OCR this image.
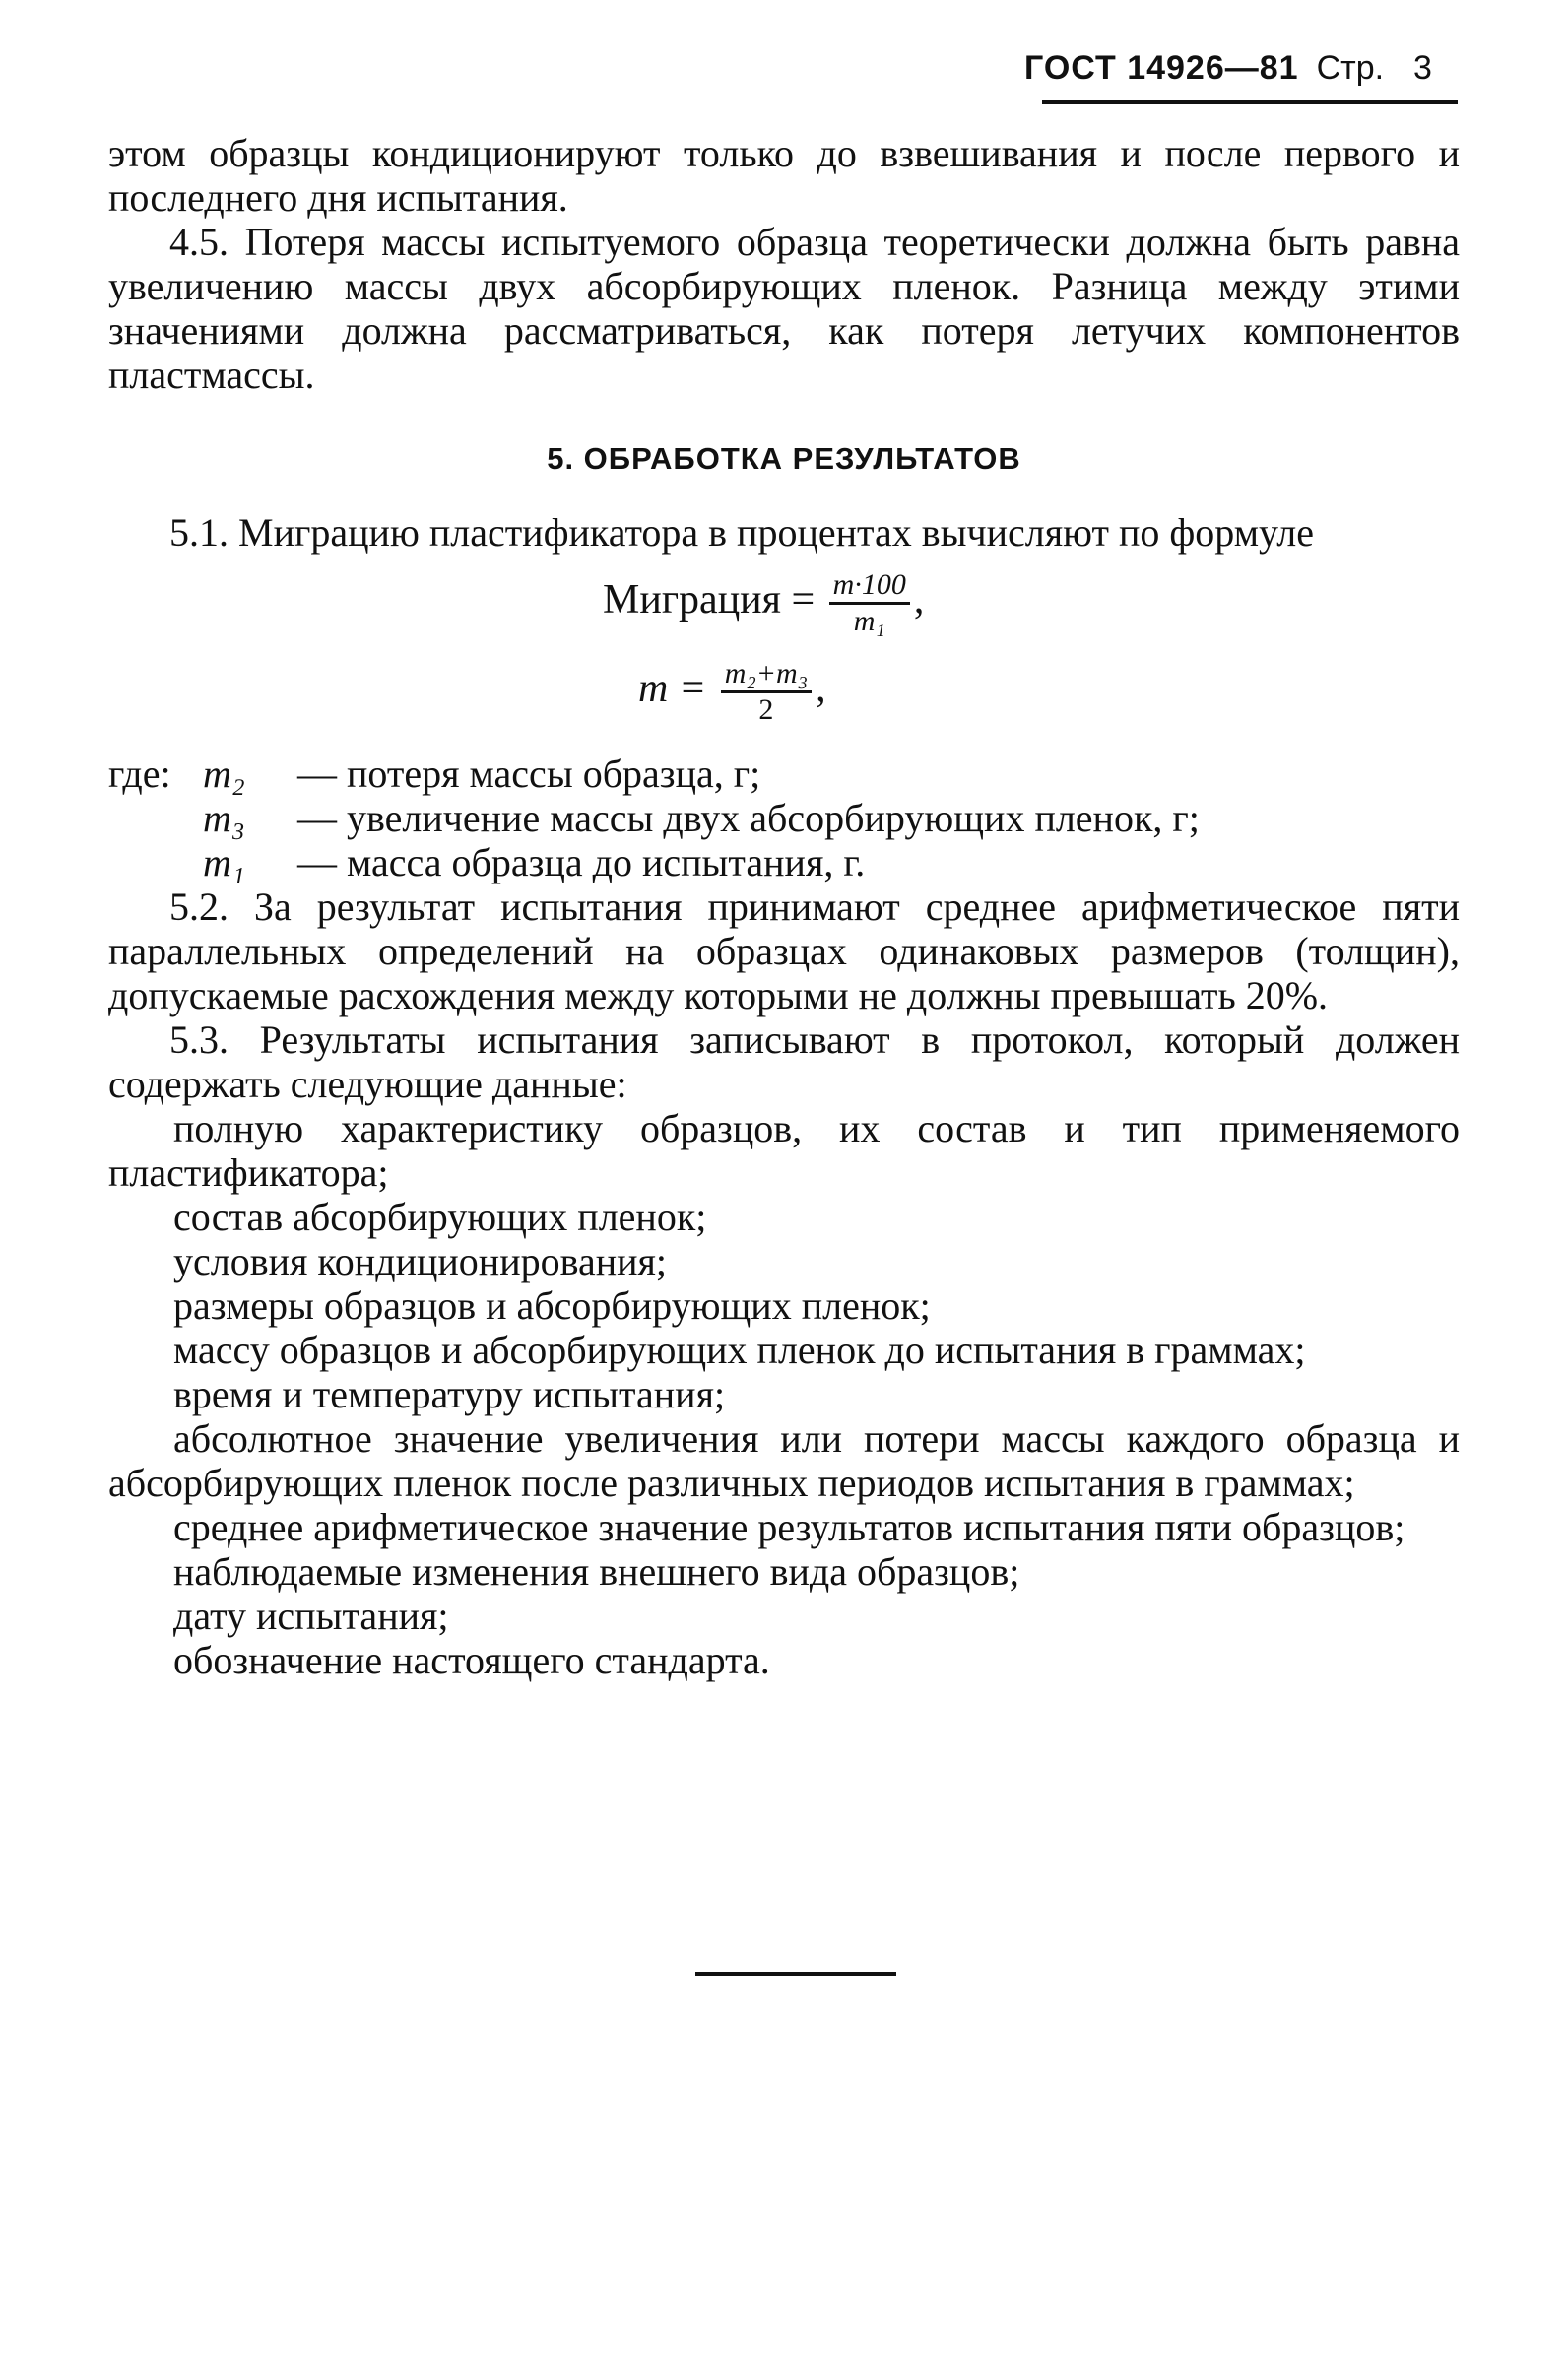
ГОСТ 14926—81 Стр. 3

этом образцы кондиционируют только до взвешивания и после первого и последнего дня испытания.

4.5. Потеря массы испытуемого образца теоретически должна быть равна увеличению массы двух абсорбирующих пленок. Разница между этими значениями должна рассматриваться, как потеря летучих компонентов пластмассы.

5. ОБРАБОТКА РЕЗУЛЬТАТОВ

5.1. Миграцию пластификатора в процентах вычисляют по формуле

Миграция = $\frac{m\cdot 100}{\text{m₁}}$ ,
$m = \frac{\text{m₂+m₃}}{2}$ ,
где: m₂ — потеря массы образца, г;
m₃ — увеличение массы двух абсорбирующих пленок, г;
m₁ — масса образца до испытания, г.

5.2. За результат испытания принимают среднее арифметическое пяти параллельных определений на образцах одинаковых размеров (толщин), допускаемые расхождения между которыми не должны превышать 20%.

5.3. Результаты испытания записывают в протокол, который должен содержать следующие данные:

полную характеристику образцов, их состав и тип применяемого пластификатора;

состав абсорбирующих пленок;

условия кондиционирования;

размеры образцов и абсорбирующих пленок;

массу образцов и абсорбирующих пленок до испытания в граммах;

время и температуру испытания;

абсолютное значение увеличения или потери массы каждого образца и абсорбирующих пленок после различных периодов испытания в граммах;

среднее арифметическое значение результатов испытания пяти образцов;

наблюдаемые изменения внешнего вида образцов;

дату испытания;

обозначение настоящего стандарта.
